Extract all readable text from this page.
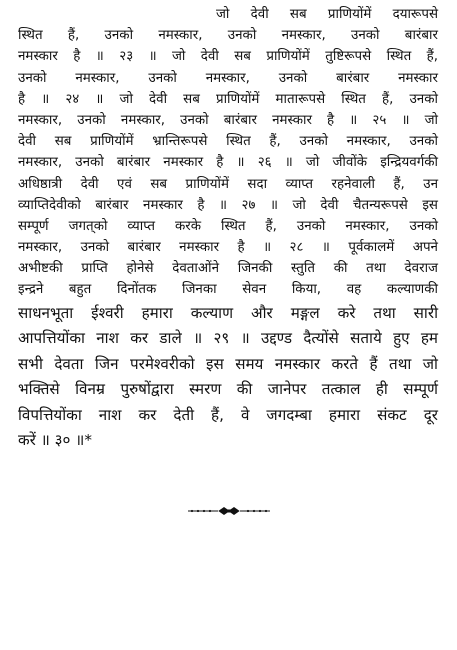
जो देवी सब प्राणियोंमें दयारूपसे
स्थित हैं, उनको नमस्कार, उनको नमस्कार, उनको बारंबार
नमस्कार है ॥ २३ ॥ जो देवी सब प्राणियोंमें तुष्टिरूपसे स्थित हैं,
उनको नमस्कार, उनको नमस्कार, उनको बारंबार नमस्कार
है ॥ २४ ॥ जो देवी सब प्राणियोंमें मातारूपसे स्थित हैं, उनको
नमस्कार, उनको नमस्कार, उनको बारंबार नमस्कार है ॥ २५ ॥ जो
देवी सब प्राणियोंमें भ्रान्तिरूपसे स्थित हैं, उनको नमस्कार, उनको
नमस्कार, उनको बारंबार नमस्कार है ॥ २६ ॥ जो जीवोंके इन्द्रियवर्गकी
अधिष्ठात्री देवी एवं सब प्राणियोंमें सदा व्याप्त रहनेवाली हैं, उन
व्याप्तिदेवीको बारंबार नमस्कार है ॥ २७ ॥ जो देवी चैतन्यरूपसे इस
सम्पूर्ण जगत्‌को व्याप्त करके स्थित हैं, उनको नमस्कार, उनको
नमस्कार, उनको बारंबार नमस्कार है ॥ २८ ॥ पूर्वकालमें अपने
अभीष्टकी प्राप्ति होनेसे देवताओंने जिनकी स्तुति की तथा देवराज
इन्द्रने बहुत दिनोंतक जिनका सेवन किया, वह कल्याणकी
साधनभूता ईश्वरी हमारा कल्याण और मङ्गल करे तथा सारी
आपत्तियोंका नाश कर डाले ॥ २९ ॥ उद्दण्ड दैत्योंसे सताये हुए हम
सभी देवता जिन परमेश्वरीको इस समय नमस्कार करते हैं तथा जो
भक्तिसे विनम्र पुरुषोंद्वारा स्मरण की जानेपर तत्काल ही सम्पूर्ण
विपत्तियोंका नाश कर देती हैं, वे जगदम्बा हमारा संकट दूर
करें ॥ ३० ॥*
